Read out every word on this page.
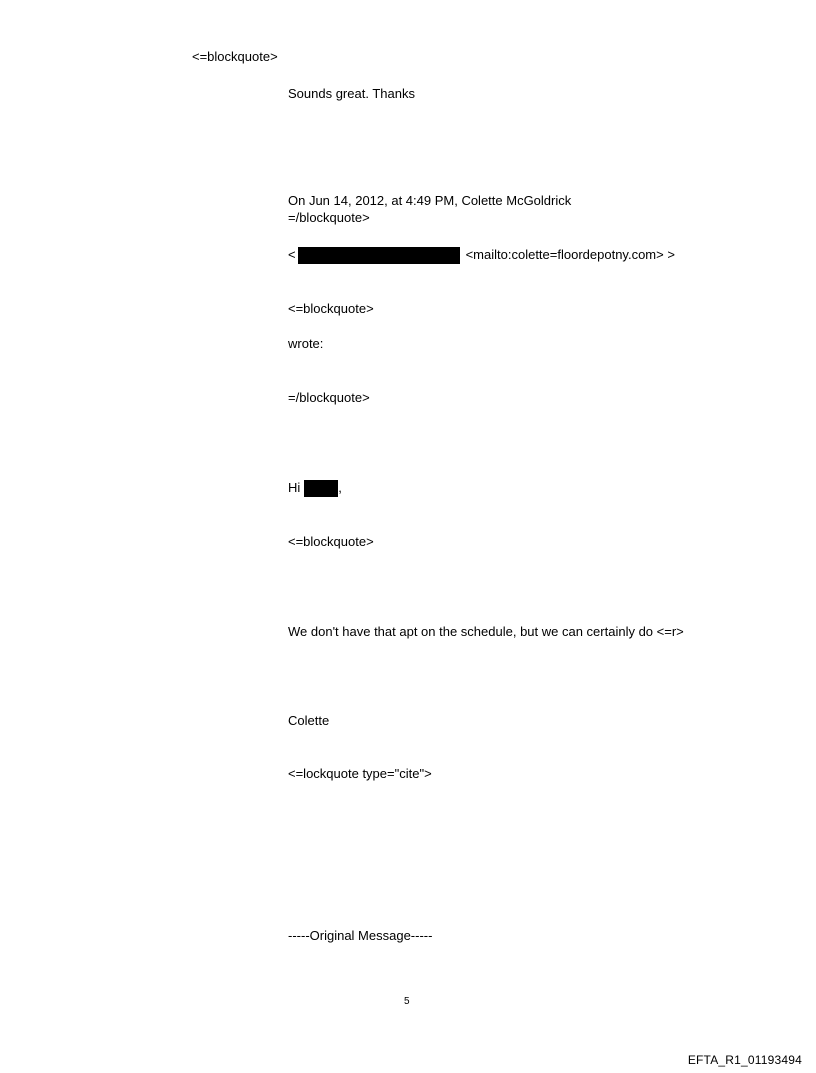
<=blockquote>
Sounds great. Thanks
On Jun 14, 2012, at 4:49 PM, Colette McGoldrick
=/blockquote>
<	<mailto:colette=floordepotny.com> >
<=blockquote>
wrote:
=/blockquote>
Hi	,
<=blockquote>
We don't have that apt on the schedule, but we can certainly do <=r>
Colette
<=lockquote type="cite">
-----Original Message-----
5
EFTA_R1_01193494
